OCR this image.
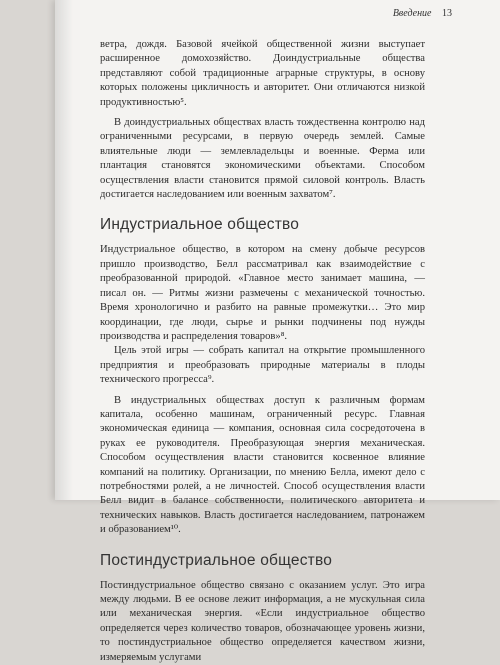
Введение 13

ветра, дождя. Базовой ячейкой общественной жизни выступает расширенное домохозяйство. Доиндустриальные общества представляют собой традиционные аграрные структуры, в основу которых положены цикличность и авторитет. Они отличаются низкой продуктивностью⁵.

В доиндустриальных обществах власть тождественна контролю над ограниченными ресурсами, в первую очередь землей. Самые влиятельные люди — землевладельцы и военные. Ферма или плантация становятся экономическими объектами. Способом осуществления власти становится прямой силовой контроль. Власть достигается наследованием или военным захватом⁷.

Индустриальное общество

Индустриальное общество, в котором на смену добыче ресурсов пришло производство, Белл рассматривал как взаимодействие с преобразованной природой. «Главное место занимает машина, — писал он. — Ритмы жизни размечены с механической точностью. Время хронологично и разбито на равные промежутки… Это мир координации, где люди, сырье и рынки подчинены под нужды производства и распределения товаров»⁸.

Цель этой игры — собрать капитал на открытие промышленного предприятия и преобразовать природные материалы в плоды технического прогресса⁹.

В индустриальных обществах доступ к различным формам капитала, особенно машинам, ограниченный ресурс. Главная экономическая единица — компания, основная сила сосредоточена в руках ее руководителя. Преобразующая энергия механическая. Способом осуществления власти становится косвенное влияние компаний на политику. Организации, по мнению Белла, имеют дело с потребностями ролей, а не личностей. Способ осуществления власти Белл видит в балансе собственности, политического авторитета и технических навыков. Власть достигается наследованием, патронажем и образованием¹⁰.

Постиндустриальное общество

Постиндустриальное общество связано с оказанием услуг. Это игра между людьми. В ее основе лежит информация, а не мускульная сила или механическая энергия. «Если индустриальное общество определяется через количество товаров, обозначающее уровень жизни, то постиндустриальное общество определяется качеством жизни, измеряемым услугами
